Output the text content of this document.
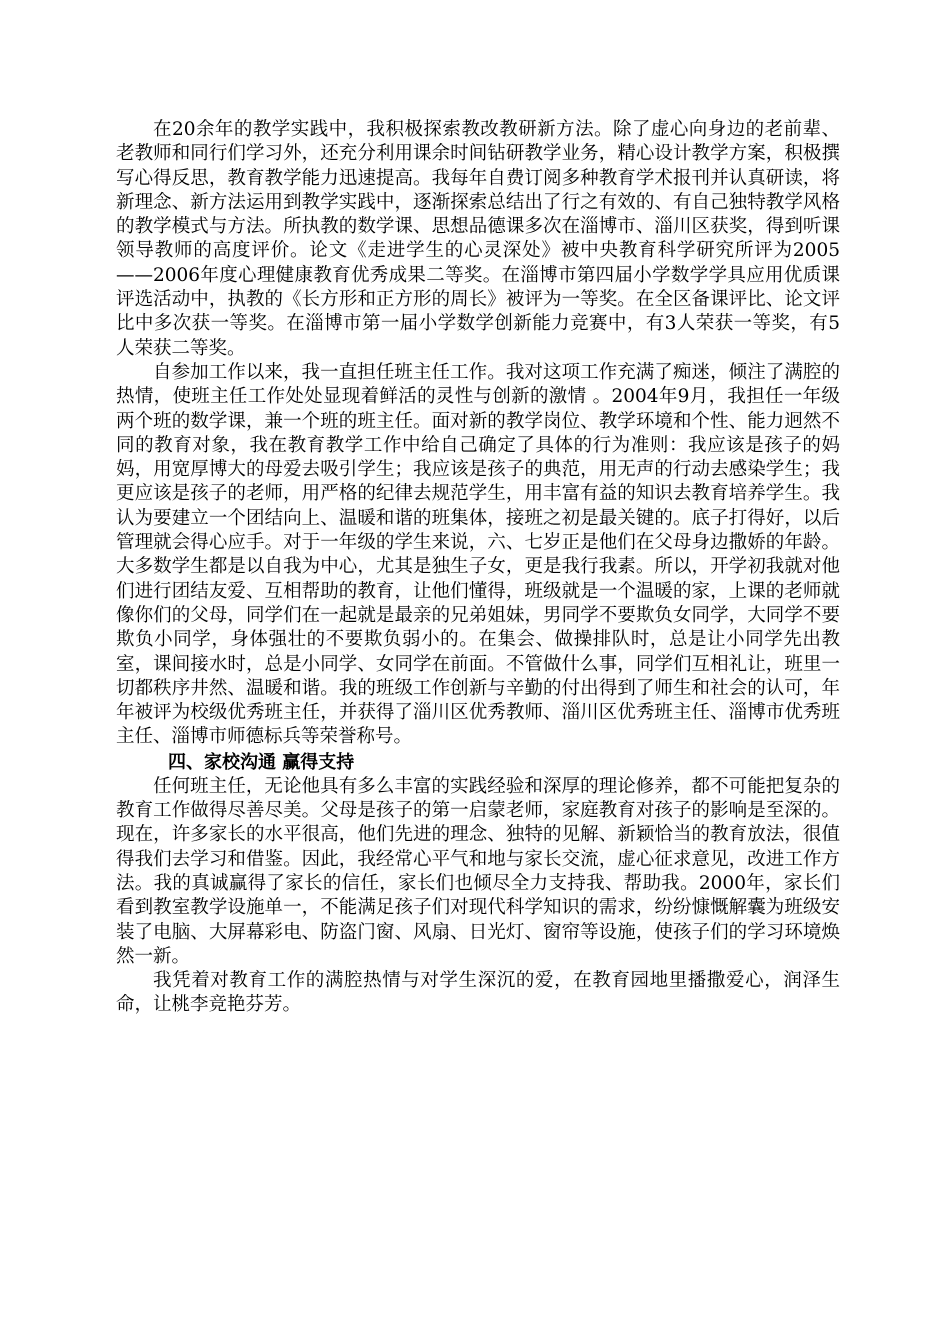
在20余年的教学实践中，我积极探索教改教研新方法。除了虚心向身边的老前辈、老教师和同行们学习外，还充分利用课余时间钻研教学业务，精心设计教学方案，积极撰写心得反思，教育教学能力迅速提高。我每年自费订阅多种教育学术报刊并认真研读，将新理念、新方法运用到教学实践中，逐渐探索总结出了行之有效的、有自己独特教学风格的教学模式与方法。所执教的数学课、思想品德课多次在淄博市、淄川区获奖，得到听课领导教师的高度评价。论文《走进学生的心灵深处》被中央教育科学研究所评为2005——2006年度心理健康教育优秀成果二等奖。在淄博市第四届小学数学学具应用优质课评选活动中，执教的《长方形和正方形的周长》被评为一等奖。在全区备课评比、论文评比中多次获一等奖。在淄博市第一届小学数学创新能力竞赛中，有3人荣获一等奖，有5人荣获二等奖。

自参加工作以来，我一直担任班主任工作。我对这项工作充满了痴迷，倾注了满腔的热情，使班主任工作处处显现着鲜活的灵性与创新的激情 。2004年9月，我担任一年级两个班的数学课，兼一个班的班主任。面对新的教学岗位、教学环境和个性、能力迥然不同的教育对象，我在教育教学工作中给自己确定了具体的行为准则：我应该是孩子的妈妈，用宽厚博大的母爱去吸引学生；我应该是孩子的典范，用无声的行动去感染学生；我更应该是孩子的老师，用严格的纪律去规范学生，用丰富有益的知识去教育培养学生。我认为要建立一个团结向上、温暖和谐的班集体，接班之初是最关键的。底子打得好，以后管理就会得心应手。对于一年级的学生来说，六、七岁正是他们在父母身边撒娇的年龄。大多数学生都是以自我为中心，尤其是独生子女，更是我行我素。所以，开学初我就对他们进行团结友爱、互相帮助的教育，让他们懂得，班级就是一个温暖的家，上课的老师就像你们的父母，同学们在一起就是最亲的兄弟姐妹，男同学不要欺负女同学，大同学不要欺负小同学，身体强壮的不要欺负弱小的。在集会、做操排队时，总是让小同学先出教室，课间接水时，总是小同学、女同学在前面。不管做什么事，同学们互相礼让，班里一切都秩序井然、温暖和谐。我的班级工作创新与辛勤的付出得到了师生和社会的认可，年年被评为校级优秀班主任，并获得了淄川区优秀教师、淄川区优秀班主任、淄博市优秀班主任、淄博市师德标兵等荣誉称号。

四、家校沟通 赢得支持

任何班主任，无论他具有多么丰富的实践经验和深厚的理论修养，都不可能把复杂的教育工作做得尽善尽美。父母是孩子的第一启蒙老师，家庭教育对孩子的影响是至深的。现在，许多家长的水平很高，他们先进的理念、独特的见解、新颖恰当的教育放法，很值得我们去学习和借鉴。因此，我经常心平气和地与家长交流，虚心征求意见，改进工作方法。我的真诚赢得了家长的信任，家长们也倾尽全力支持我、帮助我。2000年，家长们看到教室教学设施单一，不能满足孩子们对现代科学知识的需求，纷纷慷慨解囊为班级安装了电脑、大屏幕彩电、防盗门窗、风扇、日光灯、窗帘等设施，使孩子们的学习环境焕然一新。

我凭着对教育工作的满腔热情与对学生深沉的爱，在教育园地里播撒爱心，润泽生命，让桃李竞艳芬芳。
